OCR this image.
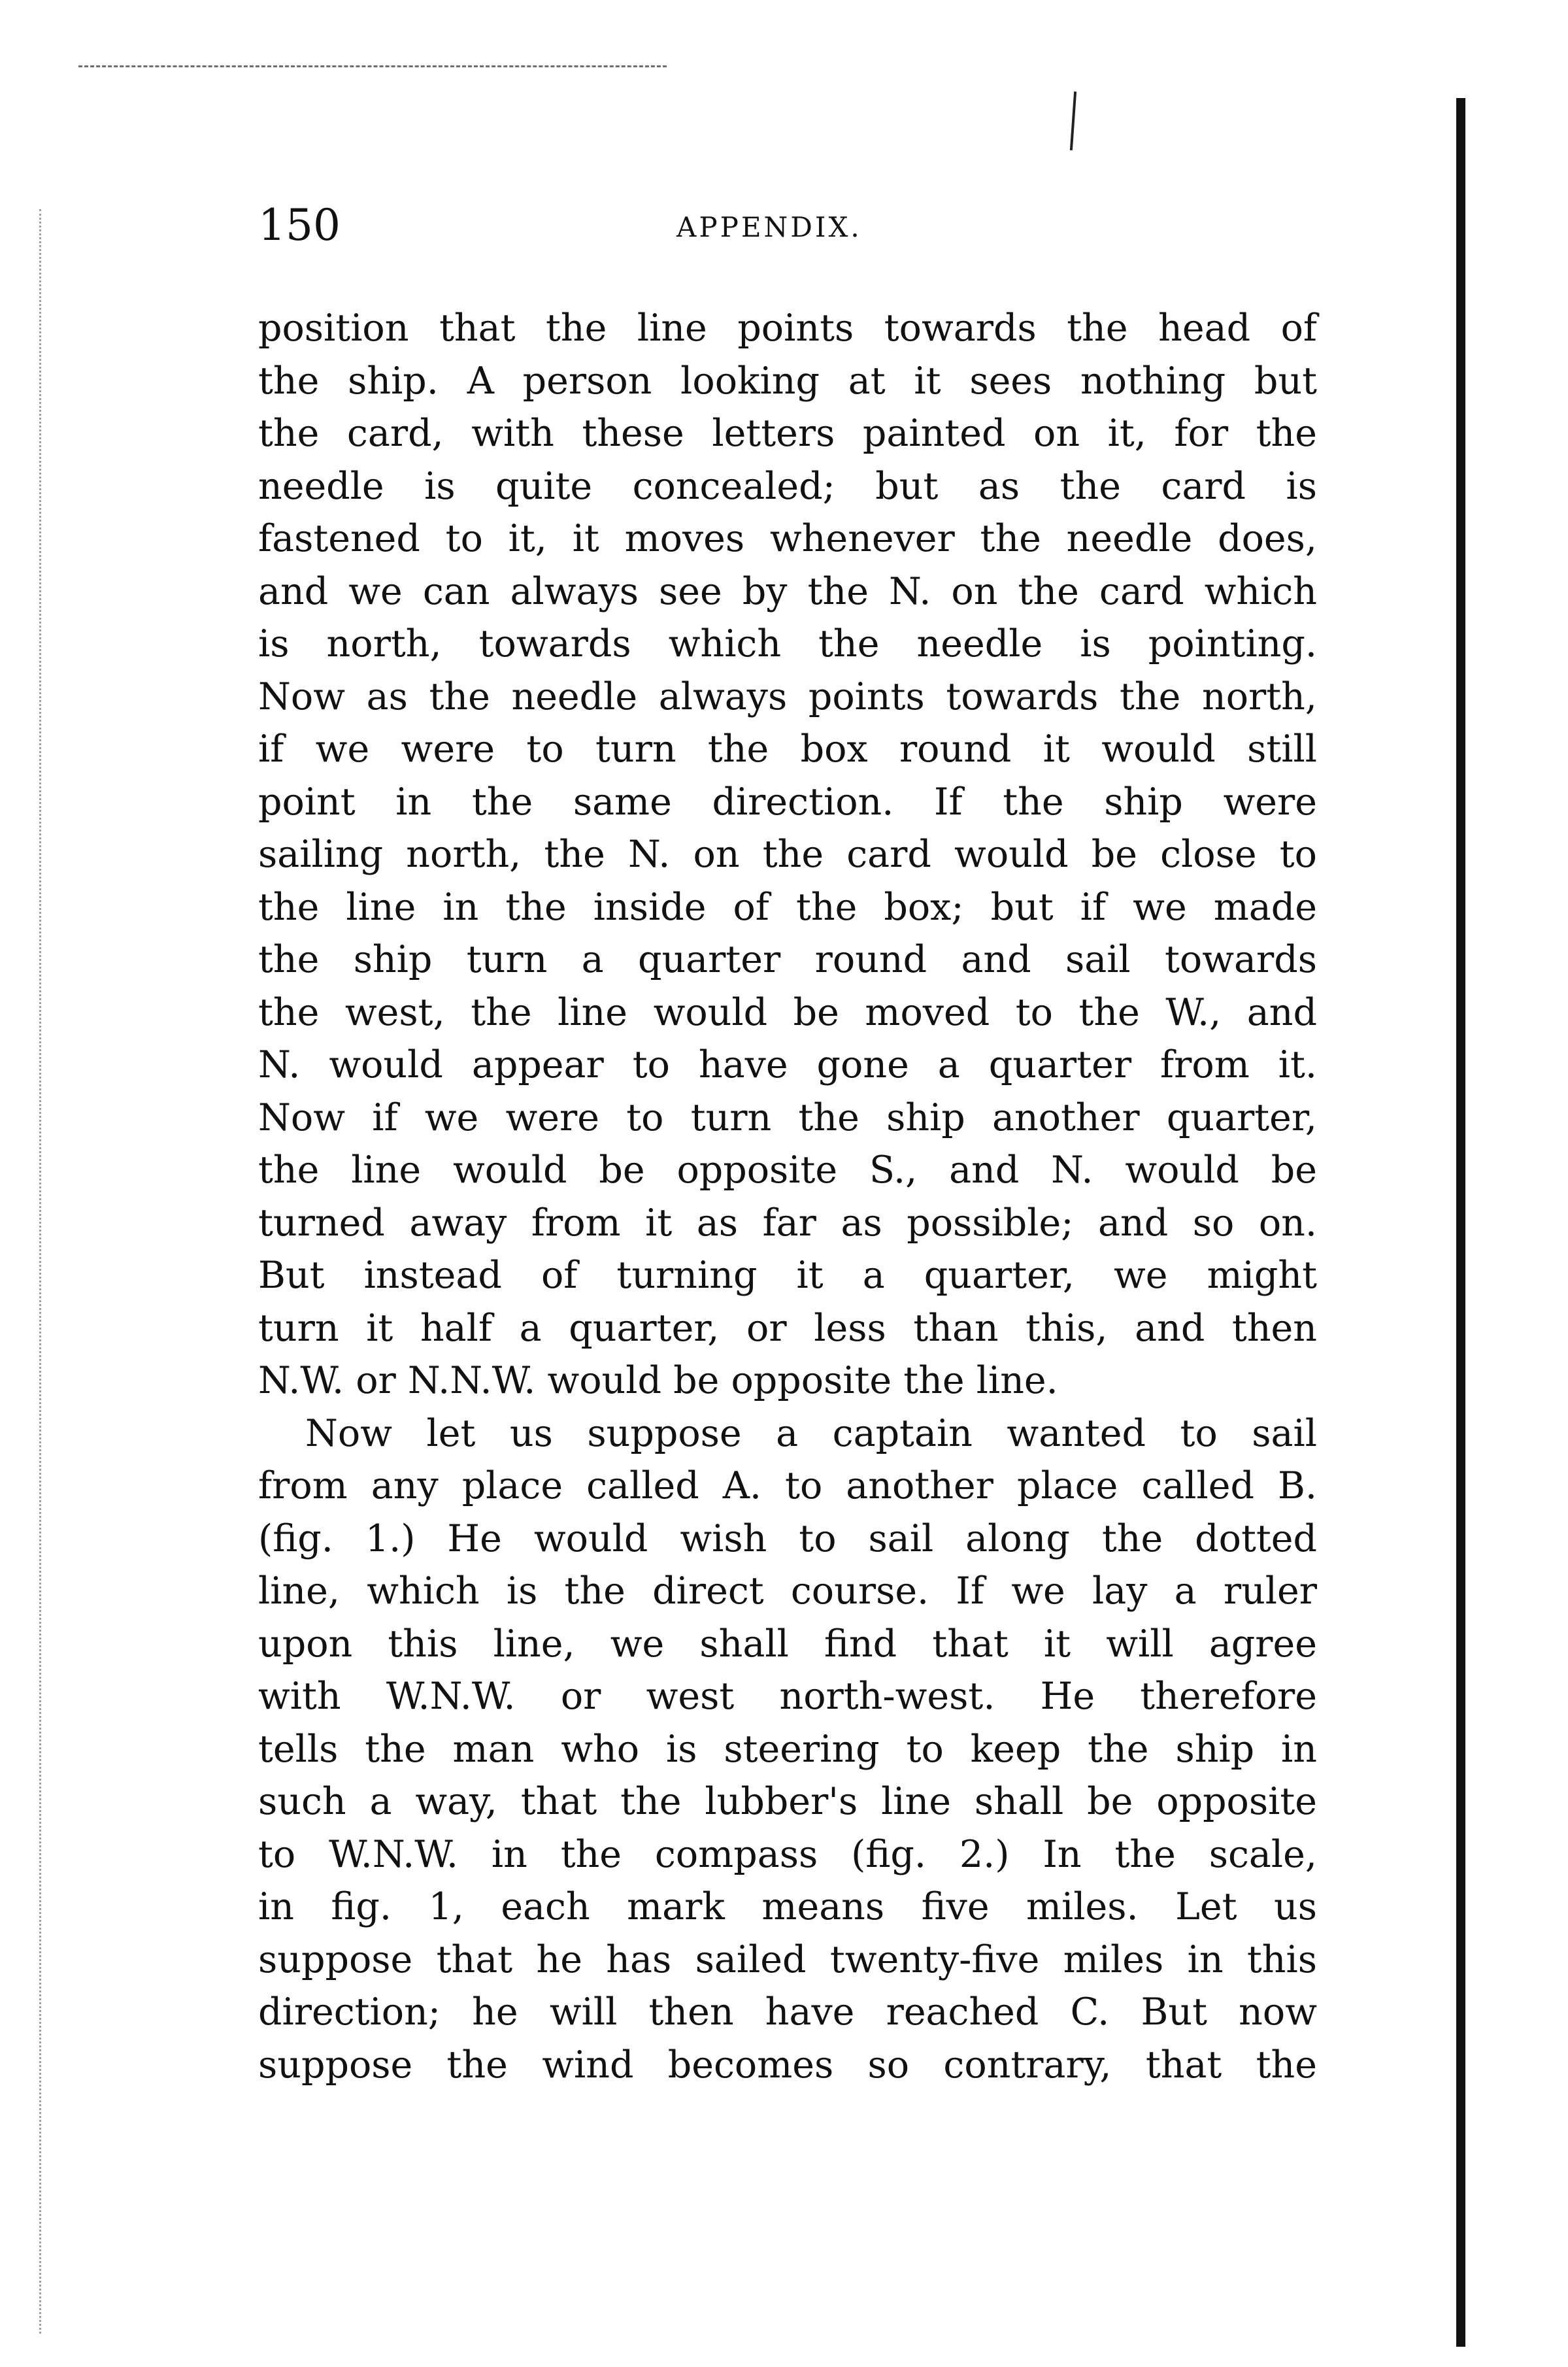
150	APPENDIX.
position that the line points towards the head of
the ship. A person looking at it sees nothing but
the card, with these letters painted on it, for the
needle is quite concealed; but as the card is
fastened to it, it moves whenever the needle does,
and we can always see by the N. on the card which
is north, towards which the needle is pointing.
Now as the needle always points towards the north,
if we were to turn the box round it would still
point in the same direction. If the ship were
sailing north, the N. on the card would be close to
the line in the inside of the box; but if we made
the ship turn a quarter round and sail towards
the west, the line would be moved to the W., and
N. would appear to have gone a quarter from it.
Now if we were to turn the ship another quarter,
the line would be opposite S., and N. would be
turned away from it as far as possible; and so on.
But instead of turning it a quarter, we might
turn it half a quarter, or less than this, and then
N.W. or N.N.W. would be opposite the line.
Now let us suppose a captain wanted to sail
from any place called A. to another place called B.
(fig. 1.) He would wish to sail along the dotted
line, which is the direct course. If we lay a ruler
upon this line, we shall find that it will agree
with W.N.W. or west north-west. He therefore
tells the man who is steering to keep the ship in
such a way, that the lubber's line shall be opposite
to W.N.W. in the compass (fig. 2.) In the scale,
in fig. 1, each mark means five miles. Let us
suppose that he has sailed twenty-five miles in this
direction; he will then have reached C. But now
suppose the wind becomes so contrary, that the
